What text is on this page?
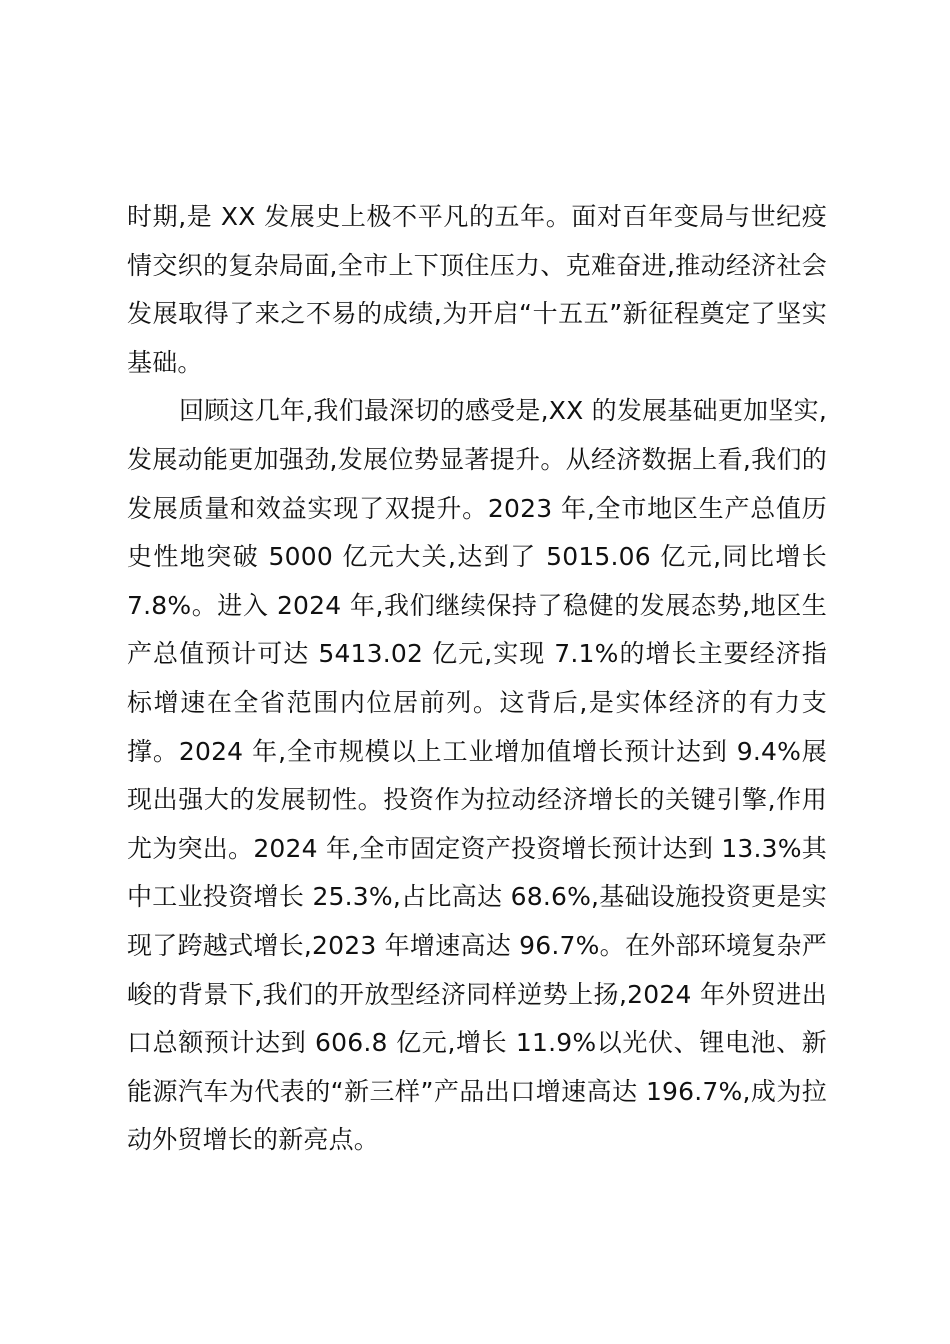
时期,是 XX 发展史上极不平凡的五年。面对百年变局与世纪疫情交织的复杂局面,全市上下顶住压力、克难奋进,推动经济社会发展取得了来之不易的成绩,为开启“十五五”新征程奠定了坚实基础。

回顾这几年,我们最深切的感受是,XX 的发展基础更加坚实,发展动能更加强劲,发展位势显著提升。从经济数据上看,我们的发展质量和效益实现了双提升。2023 年,全市地区生产总值历史性地突破 5000 亿元大关,达到了 5015.06 亿元,同比增长 7.8%。进入 2024 年,我们继续保持了稳健的发展态势,地区生产总值预计可达 5413.02 亿元,实现 7.1%的增长主要经济指标增速在全省范围内位居前列。这背后,是实体经济的有力支撑。2024 年,全市规模以上工业增加值增长预计达到 9.4%展现出强大的发展韧性。投资作为拉动经济增长的关键引擎,作用尤为突出。2024 年,全市固定资产投资增长预计达到 13.3%其中工业投资增长 25.3%,占比高达 68.6%,基础设施投资更是实现了跨越式增长,2023 年增速高达 96.7%。在外部环境复杂严峻的背景下,我们的开放型经济同样逆势上扬,2024 年外贸进出口总额预计达到 606.8 亿元,增长 11.9%以光伏、锂电池、新能源汽车为代表的“新三样”产品出口增速高达 196.7%,成为拉动外贸增长的新亮点。
